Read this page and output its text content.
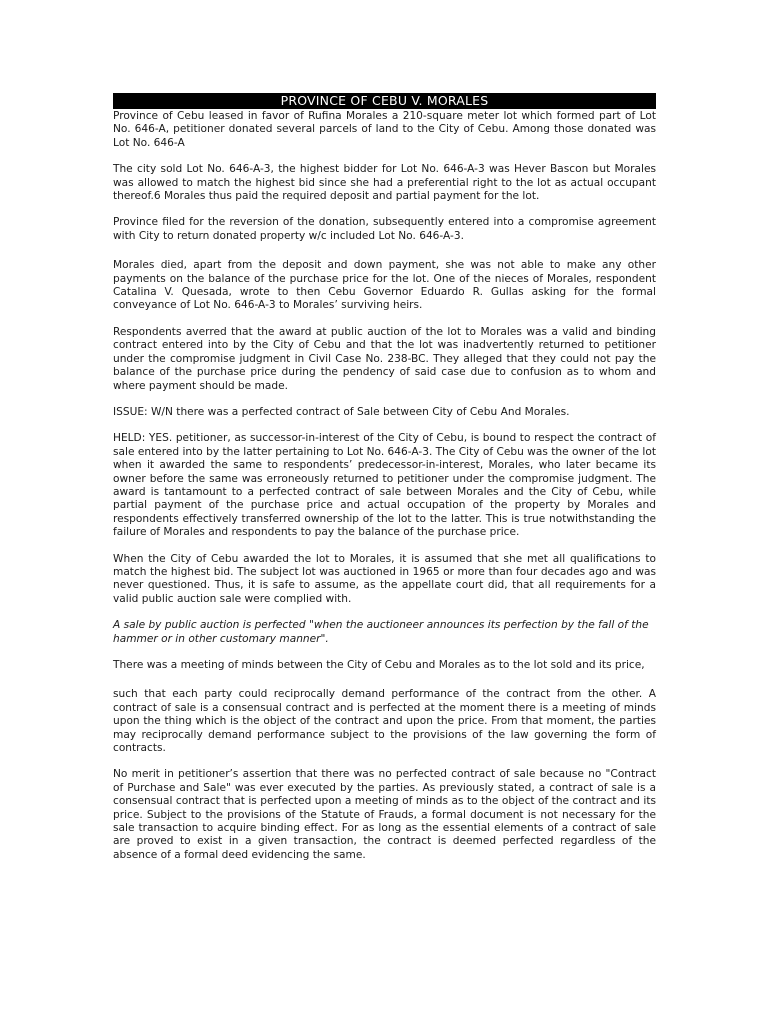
PROVINCE OF CEBU V. MORALES

Province of Cebu leased in favor of Rufina Morales a 210-square meter lot which formed part of Lot No. 646-A, petitioner donated several parcels of land to the City of Cebu. Among those donated was Lot No. 646-A

The city sold Lot No. 646-A-3, the highest bidder for Lot No. 646-A-3 was Hever Bascon but Morales was allowed to match the highest bid since she had a preferential right to the lot as actual occupant thereof.6 Morales thus paid the required deposit and partial payment for the lot.

Province filed for the reversion of the donation, subsequently entered into a compromise agreement with City to return donated property w/c included Lot No. 646-A-3.

Morales died, apart from the deposit and down payment, she was not able to make any other payments on the balance of the purchase price for the lot. One of the nieces of Morales, respondent Catalina V. Quesada, wrote to then Cebu Governor Eduardo R. Gullas asking for the formal conveyance of Lot No. 646-A-3 to Morales’ surviving heirs.

Respondents averred that the award at public auction of the lot to Morales was a valid and binding contract entered into by the City of Cebu and that the lot was inadvertently returned to petitioner under the compromise judgment in Civil Case No. 238-BC. They alleged that they could not pay the balance of the purchase price during the pendency of said case due to confusion as to whom and where payment should be made.

ISSUE: W/N there was a perfected contract of Sale between City of Cebu And Morales.

HELD: YES. petitioner, as successor-in-interest of the City of Cebu, is bound to respect the contract of sale entered into by the latter pertaining to Lot No. 646-A-3. The City of Cebu was the owner of the lot when it awarded the same to respondents’ predecessor-in-interest, Morales, who later became its owner before the same was erroneously returned to petitioner under the compromise judgment. The award is tantamount to a perfected contract of sale between Morales and the City of Cebu, while partial payment of the purchase price and actual occupation of the property by Morales and respondents effectively transferred ownership of the lot to the latter. This is true notwithstanding the failure of Morales and respondents to pay the balance of the purchase price.

When the City of Cebu awarded the lot to Morales, it is assumed that she met all qualifications to match the highest bid. The subject lot was auctioned in 1965 or more than four decades ago and was never questioned. Thus, it is safe to assume, as the appellate court did, that all requirements for a valid public auction sale were complied with.

A sale by public auction is perfected "when the auctioneer announces its perfection by the fall of the hammer or in other customary manner".

There was a meeting of minds between the City of Cebu and Morales as to the lot sold and its price,

such that each party could reciprocally demand performance of the contract from the other. A contract of sale is a consensual contract and is perfected at the moment there is a meeting of minds upon the thing which is the object of the contract and upon the price. From that moment, the parties may reciprocally demand performance subject to the provisions of the law governing the form of contracts.

No merit in petitioner’s assertion that there was no perfected contract of sale because no "Contract of Purchase and Sale" was ever executed by the parties. As previously stated, a contract of sale is a consensual contract that is perfected upon a meeting of minds as to the object of the contract and its price. Subject to the provisions of the Statute of Frauds, a formal document is not necessary for the sale transaction to acquire binding effect. For as long as the essential elements of a contract of sale are proved to exist in a given transaction, the contract is deemed perfected regardless of the absence of a formal deed evidencing the same.
